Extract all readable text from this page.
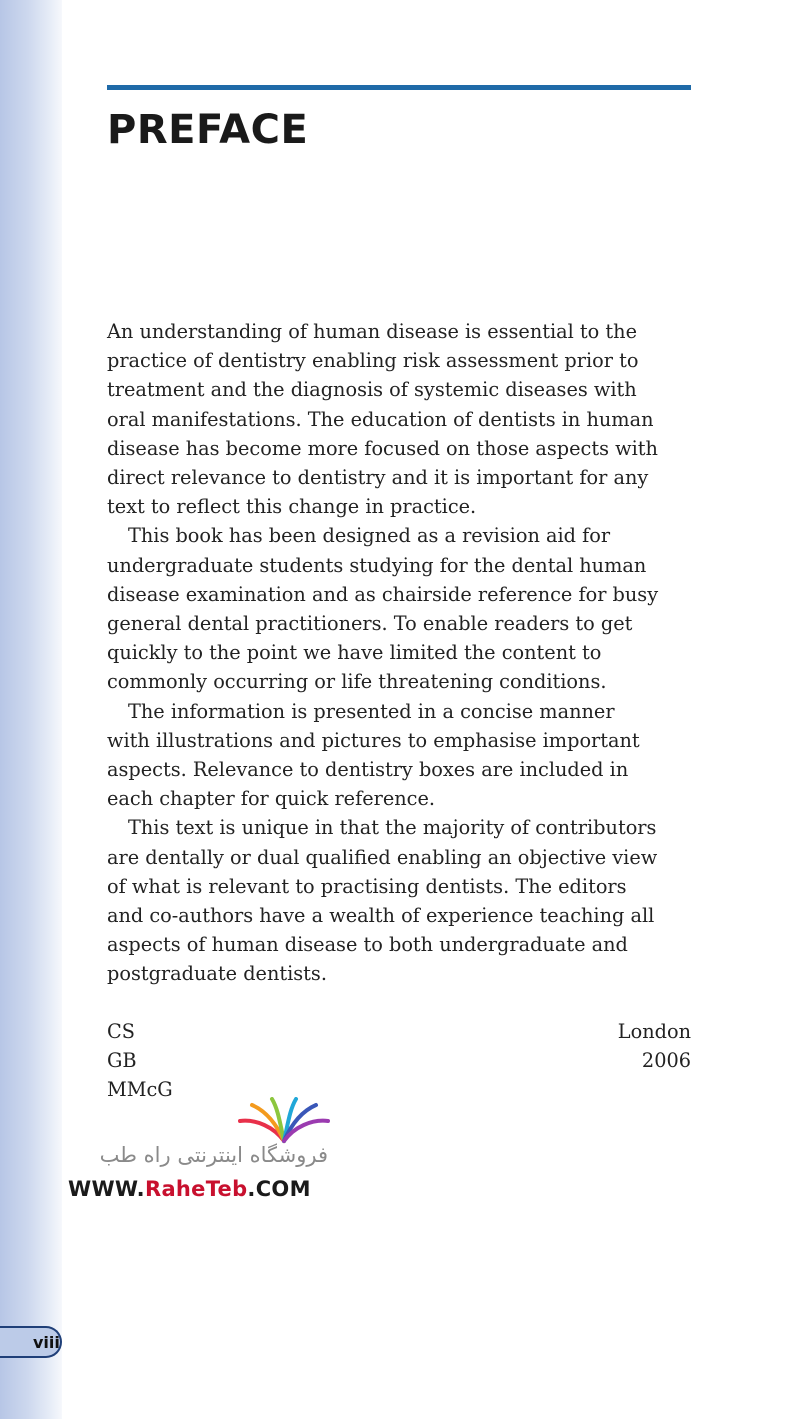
PREFACE

An understanding of human disease is essential to the
practice of dentistry enabling risk assessment prior to
treatment and the diagnosis of systemic diseases with
oral manifestations. The education of dentists in human
disease has become more focused on those aspects with
direct relevance to dentistry and it is important for any
text to reflect this change in practice.

This book has been designed as a revision aid for
undergraduate students studying for the dental human
disease examination and as chairside reference for busy
general dental practitioners. To enable readers to get
quickly to the point we have limited the content to
commonly occurring or life threatening conditions.

The information is presented in a concise manner
with illustrations and pictures to emphasise important
aspects. Relevance to dentistry boxes are included in
each chapter for quick reference.

This text is unique in that the majority of contributors
are dentally or dual qualified enabling an objective view
of what is relevant to practising dentists. The editors
and co-authors have a wealth of experience teaching all
aspects of human disease to both undergraduate and
postgraduate dentists.

CS
GB
MMcG
London
2006
فروشگاه اینترنتی راه طب
WWW.RaheTeb.COM
viii
